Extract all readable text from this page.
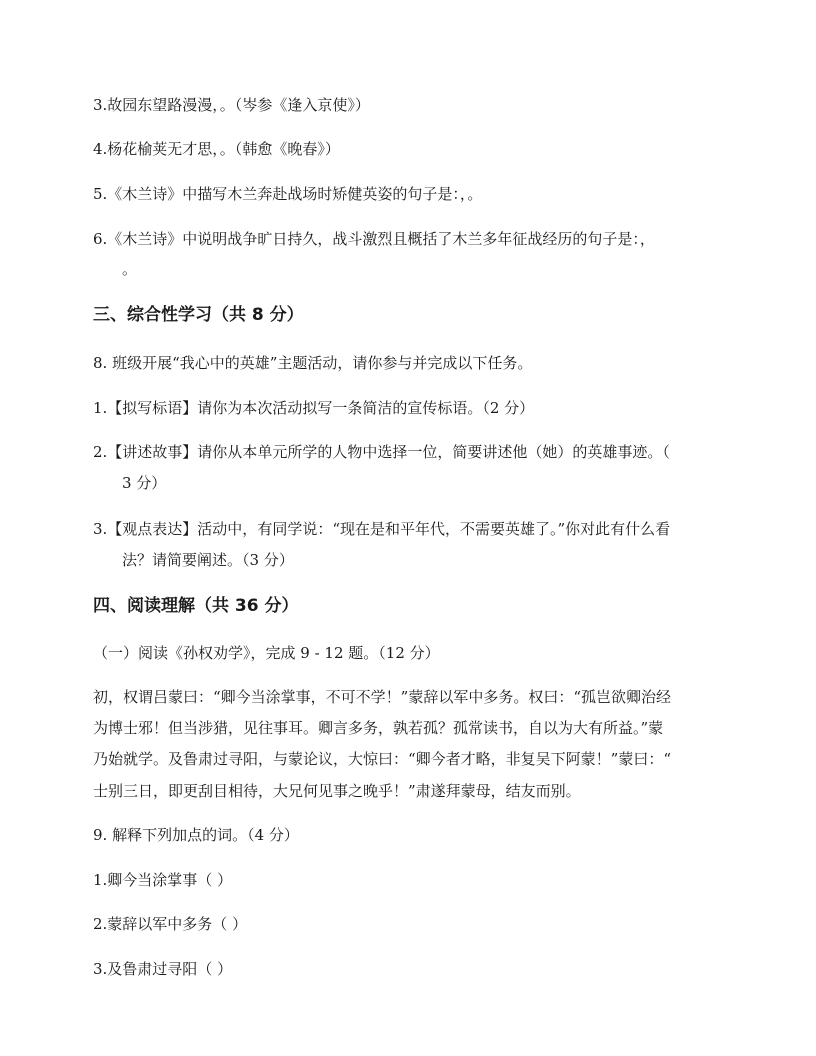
3.故园东望路漫漫，。（岑参《逢入京使》）
4.杨花榆荚无才思，。（韩愈《晚春》）
5.《木兰诗》中描写木兰奔赴战场时矫健英姿的句子是：，。
6.《木兰诗》中说明战争旷日持久，战斗激烈且概括了木兰多年征战经历的句子是：，
。
三、综合性学习（共 8 分）
8. 班级开展“我心中的英雄”主题活动，请你参与并完成以下任务。
1.【拟写标语】请你为本次活动拟写一条简洁的宣传标语。（2 分）
2.【讲述故事】请你从本单元所学的人物中选择一位，简要讲述他（她）的英雄事迹。（
3 分）
3.【观点表达】活动中，有同学说：“现在是和平年代，不需要英雄了。”你对此有什么看
法？请简要阐述。（3 分）
四、阅读理解（共 36 分）
（一）阅读《孙权劝学》，完成 9 - 12 题。（12 分）
初，权谓吕蒙曰：“卿今当涂掌事，不可不学！”蒙辞以军中多务。权曰：“孤岂欲卿治经
为博士邪！但当涉猎，见往事耳。卿言多务，孰若孤？孤常读书，自以为大有所益。”蒙
乃始就学。及鲁肃过寻阳，与蒙论议，大惊曰：“卿今者才略，非复吴下阿蒙！”蒙曰：“
士别三日，即更刮目相待，大兄何见事之晚乎！”肃遂拜蒙母，结友而别。
9. 解释下列加点的词。（4 分）
1.卿今当涂掌事（ ）
2.蒙辞以军中多务（ ）
3.及鲁肃过寻阳（ ）
